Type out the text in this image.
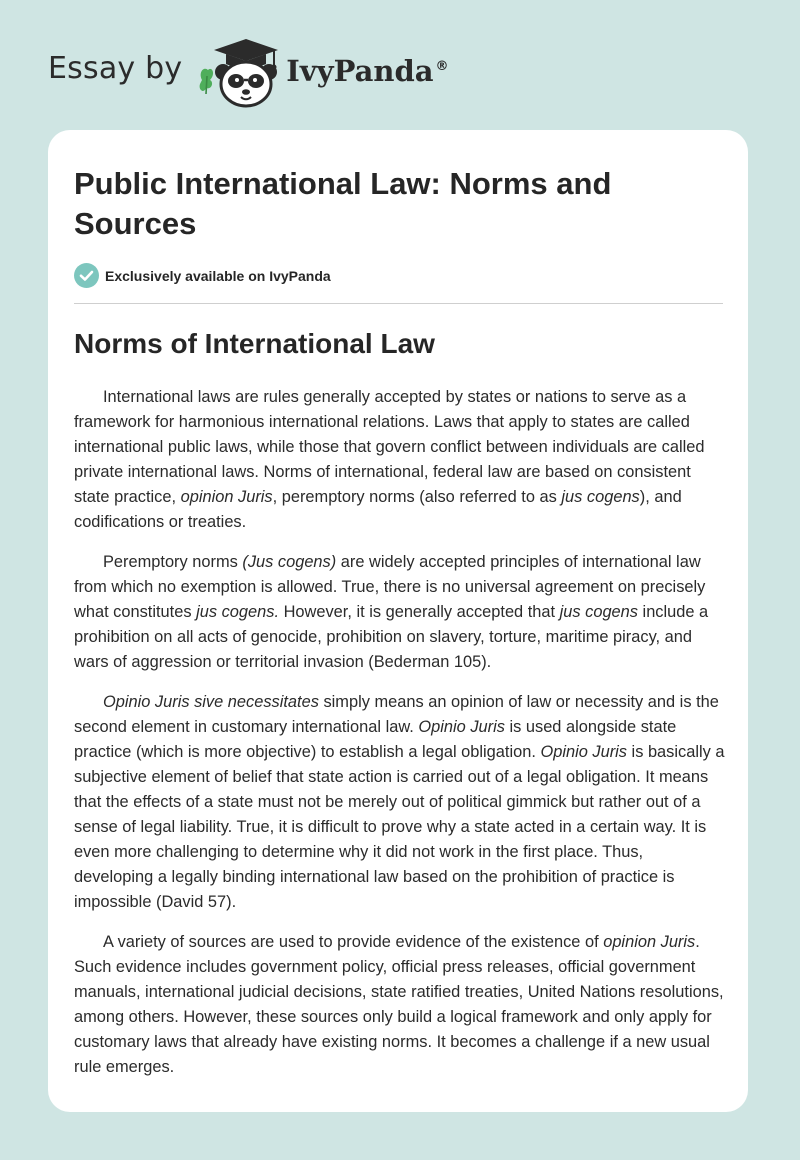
Essay by	IvyPanda ®
Public International Law: Norms and Sources
Exclusively available on IvyPanda
Norms of International Law

International laws are rules generally accepted by states or nations to serve as a framework for harmonious international relations. Laws that apply to states are called international public laws, while those that govern conflict between individuals are called private international laws. Norms of international, federal law are based on consistent state practice, opinion Juris, peremptory norms (also referred to as jus cogens), and codifications or treaties.

Peremptory norms (Jus cogens) are widely accepted principles of international law from which no exemption is allowed. True, there is no universal agreement on precisely what constitutes jus cogens. However, it is generally accepted that jus cogens include a prohibition on all acts of genocide, prohibition on slavery, torture, maritime piracy, and wars of aggression or territorial invasion (Bederman 105).

Opinio Juris sive necessitates simply means an opinion of law or necessity and is the second element in customary international law. Opinio Juris is used alongside state practice (which is more objective) to establish a legal obligation. Opinio Juris is basically a subjective element of belief that state action is carried out of a legal obligation. It means that the effects of a state must not be merely out of political gimmick but rather out of a sense of legal liability. True, it is difficult to prove why a state acted in a certain way. It is even more challenging to determine why it did not work in the first place. Thus, developing a legally binding international law based on the prohibition of practice is impossible (David 57).

A variety of sources are used to provide evidence of the existence of opinion Juris. Such evidence includes government policy, official press releases, official government manuals, international judicial decisions, state ratified treaties, United Nations resolutions, among others. However, these sources only build a logical framework and only apply for customary laws that already have existing norms. It becomes a challenge if a new usual rule emerges.
